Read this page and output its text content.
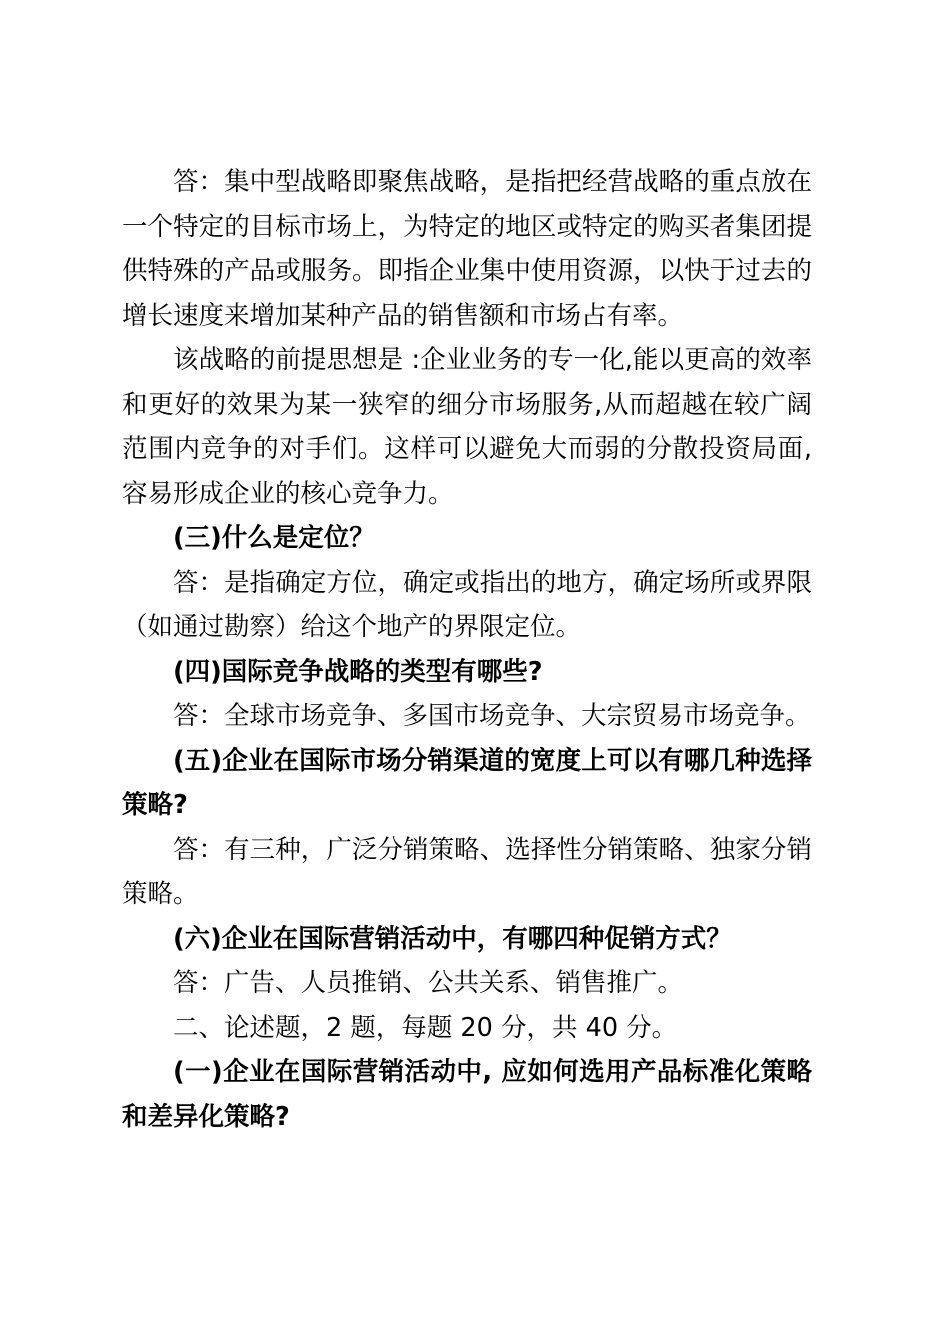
答：集中型战略即聚焦战略，是指把经营战略的重点放在一个特定的目标市场上，为特定的地区或特定的购买者集团提供特殊的产品或服务。即指企业集中使用资源，以快于过去的增长速度来增加某种产品的销售额和市场占有率。

该战略的前提思想是 :企业业务的专一化,能以更高的效率和更好的效果为某一狭窄的细分市场服务,从而超越在较广阔范围内竞争的对手们。这样可以避免大而弱的分散投资局面,容易形成企业的核心竞争力。

(三)什么是定位？

答：是指确定方位，确定或指出的地方，确定场所或界限（如通过勘察）给这个地产的界限定位。

(四)国际竞争战略的类型有哪些?

答：全球市场竞争、多国市场竞争、大宗贸易市场竞争。

(五)企业在国际市场分销渠道的宽度上可以有哪几种选择策略?

答：有三种，广泛分销策略、选择性分销策略、独家分销策略。

(六)企业在国际营销活动中，有哪四种促销方式？

答：广告、人员推销、公共关系、销售推广。

二、论述题，2 题，每题 20 分，共 40 分。

(一)企业在国际营销活动中, 应如何选用产品标准化策略和差异化策略?
